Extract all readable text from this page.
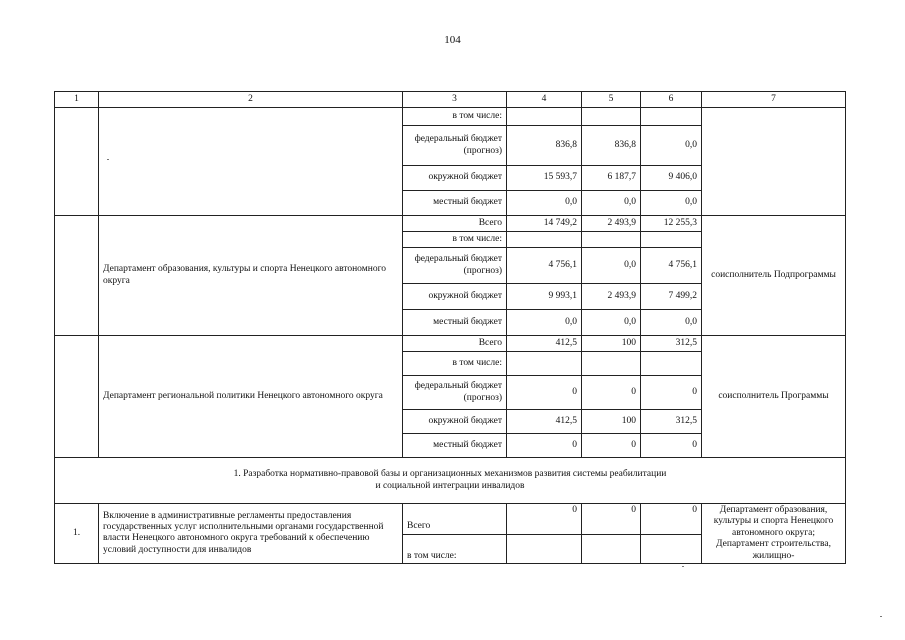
104
1	2	3	4	5	6	7
		в том числе:				
		федеральный бюджет (прогноз)	836,8	836,8	0,0	
		окружной бюджет	15 593,7	6 187,7	9 406,0	
		местный бюджет	0,0	0,0	0,0	
	Департамент образования, культуры и спорта Ненецкого автономного округа	Всего	14 749,2	2 493,9	12 255,3	соисполнитель Подпрограммы
		в том числе:				
		федеральный бюджет (прогноз)	4 756,1	0,0	4 756,1	
		окружной бюджет	9 993,1	2 493,9	7 499,2	
		местный бюджет	0,0	0,0	0,0	
	Департамент региональной политики Ненецкого автономного округа	Всего	412,5	100	312,5	соисполнитель Программы
		в том числе:				
		федеральный бюджет (прогноз)	0	0	0	
		окружной бюджет	412,5	100	312,5	
		местный бюджет	0	0	0	

1. Разработка нормативно-правовой базы и организационных механизмов развития системы реабилитации
и социальной интеграции инвалидов						

1.	Включение в административные регламенты предоставления государственных услуг исполнительными органами государственной власти Ненецкого автономного округа требований к обеспечению условий доступности для инвалидов	Всего	0	0	0	Департамент образования, культуры и спорта Ненецкого автономного округа; Департамент строительства, жилищно-
		в том числе:				
